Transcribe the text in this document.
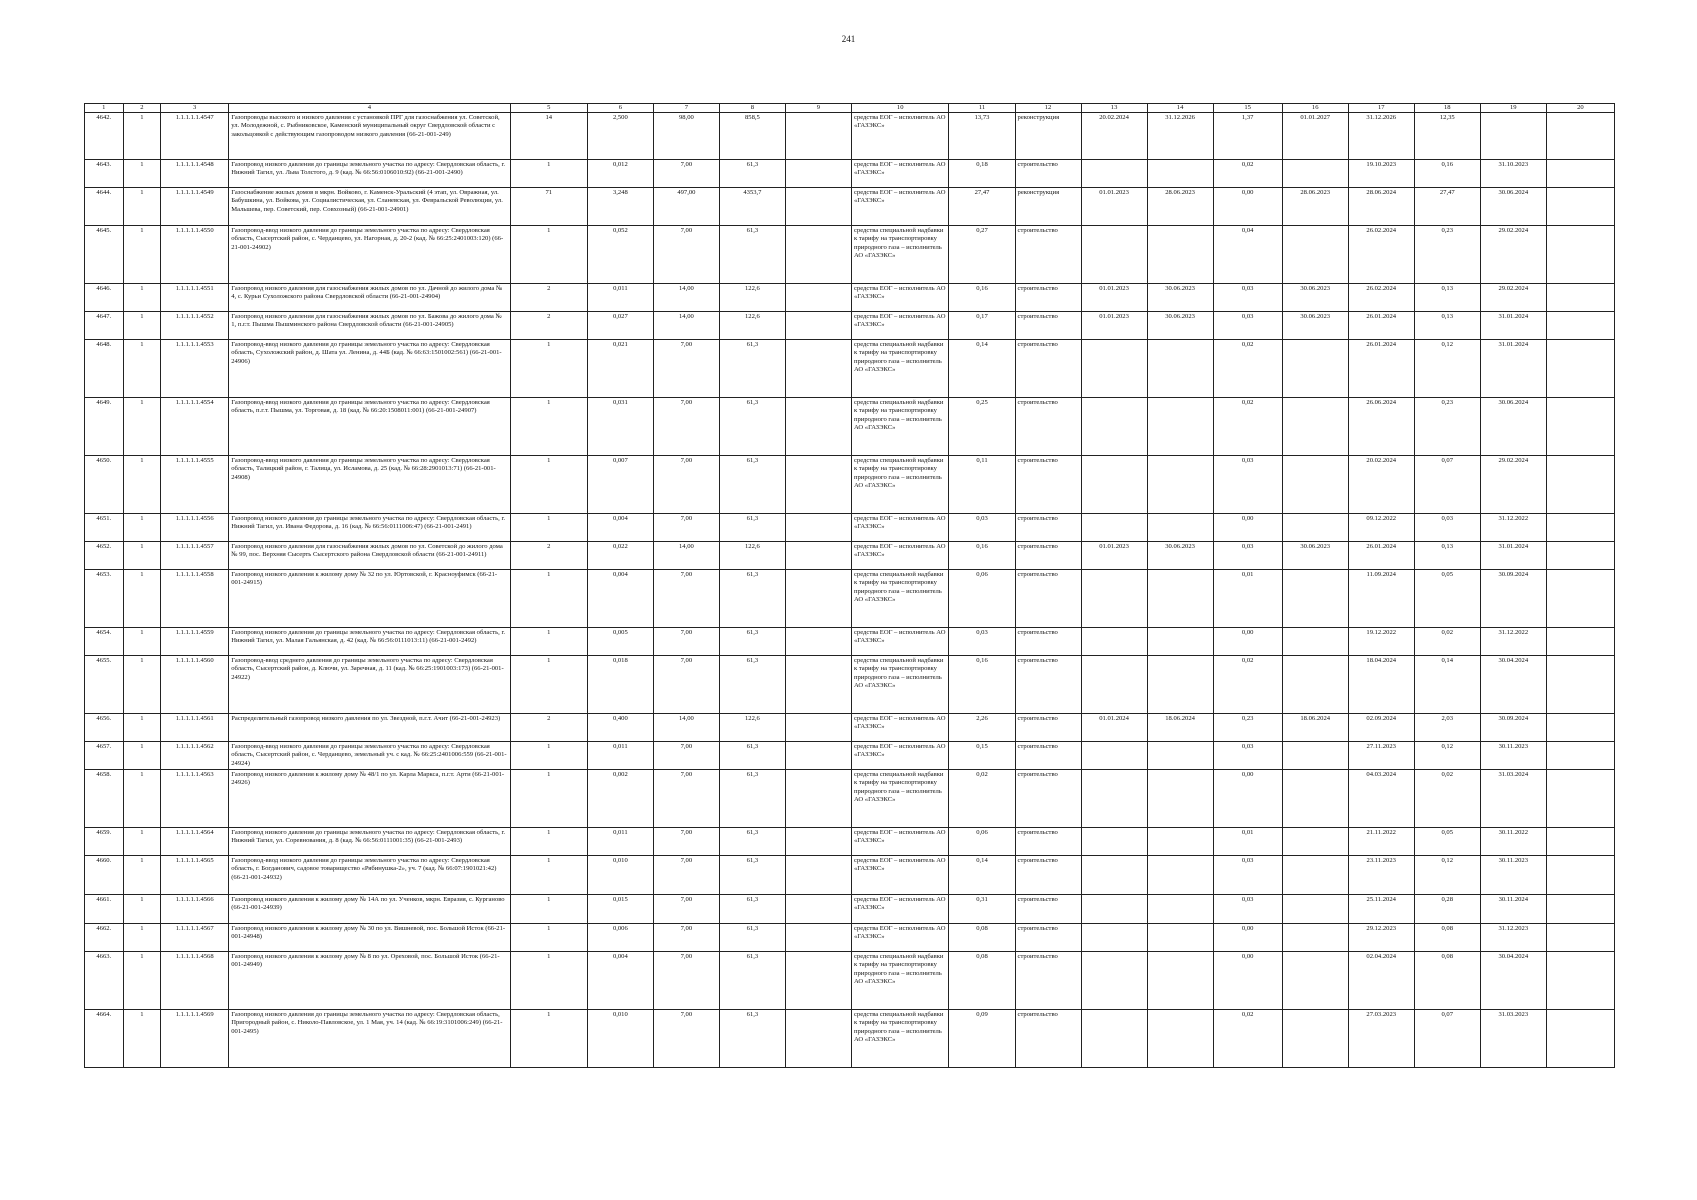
241
1	2	3	4	5	6	7	8	9	10	11	12	13	14	15	16	17	18	19	20
4642.	1	1.1.1.1.1.4547	Газопроводы высокого и низкого давления с установкой ПРГ для газоснабжения ул. Советской, ул. Молодежной, с. Рыбниковское, Каменский муниципальный округ Свердловской области с закольцовкой с действующим газопроводом низкого давления (66-21-001-249)	14	2,500	98,00	858,5		средства ЕОГ – исполнитель АО «ГАЗЭКС»	13,73	реконструкция	20.02.2024	31.12.2026	1,37	01.01.2027	31.12.2026	12,35		
4643.	1	1.1.1.1.1.4548	Газопровод низкого давления до границы земельного участка по адресу: Свердловская область, г. Нижний Тагил, ул. Льва Толстого, д. 9 (кад. № 66:56:0106010:92) (66-21-001-2490)	1	0,012	7,00	61,3		средства ЕОГ – исполнитель АО «ГАЗЭКС»	0,18	строительство			0,02		19.10.2023	0,16	31.10.2023	
4644.	1	1.1.1.1.1.4549	Газоснабжение жилых домов в мкрн. Войково, г. Каменск-Уральский (4 этап, ул. Овражная, ул. Бабушкина, ул. Войкова, ул. Социалистическая, ул. Сланевская, ул. Февральской Революции, ул. Мальшева, пер. Советский, пер. Совхозный) (66-21-001-24901)	71	3,248	497,00	4353,7		средства ЕОГ – исполнитель АО «ГАЗЭКС»	27,47	реконструкция	01.01.2023	28.06.2023	0,00	28.06.2023	28.06.2024	27,47	30.06.2024	
4645.	1	1.1.1.1.1.4550	Газопровод-ввод низкого давления до границы земельного участка по адресу: Свердловская область, Сысертский район, с. Черданцево, ул. Нагорная, д. 20-2 (кад. № 66:25:2401003:120) (66-21-001-24902)	1	0,052	7,00	61,3		средства специальной надбавки к тарифу на транспортировку природного газа – исполнитель АО «ГАЗЭКС»	0,27	строительство			0,04		26.02.2024	0,23	29.02.2024	
4646.	1	1.1.1.1.1.4551	Газопровод низкого давления для газоснабжения жилых домов по ул. Дачной до жилого дома № 4, с. Курьи Сухоложского района Свердловской области (66-21-001-24904)	2	0,011	14,00	122,6		средства ЕОГ – исполнитель АО «ГАЗЭКС»	0,16	строительство	01.01.2023	30.06.2023	0,03	30.06.2023	26.02.2024	0,13	29.02.2024	
4647.	1	1.1.1.1.1.4552	Газопровод низкого давления для газоснабжения жилых домов по ул. Бажова до жилого дома № 1, п.г.т. Пышма Пышминского района Свердловской области (66-21-001-24905)	2	0,027	14,00	122,6		средства ЕОГ – исполнитель АО «ГАЗЭКС»	0,17	строительство	01.01.2023	30.06.2023	0,03	30.06.2023	26.01.2024	0,13	31.01.2024	
4648.	1	1.1.1.1.1.4553	Газопровод-ввод низкого давления до границы земельного участка по адресу: Свердловская область, Сухоложский район, д. Шата ул. Ленина, д. 44Б (кад. № 66:63:1501002:561) (66-21-001-24906)	1	0,021	7,00	61,3		средства специальной надбавки к тарифу на транспортировку природного газа – исполнитель АО «ГАЗЭКС»	0,14	строительство			0,02		26.01.2024	0,12	31.01.2024	
4649.	1	1.1.1.1.1.4554	Газопровод-ввод низкого давления до границы земельного участка по адресу: Свердловская область, п.г.т. Пышма, ул. Торговая, д. 18 (кад. № 66:20:1508011:001) (66-21-001-24907)	1	0,031	7,00	61,3		средства специальной надбавки к тарифу на транспортировку природного газа – исполнитель АО «ГАЗЭКС»	0,25	строительство			0,02		26.06.2024	0,23	30.06.2024	
4650.	1	1.1.1.1.1.4555	Газопровод-ввод низкого давления до границы земельного участка по адресу: Свердловская область, Талицкий район, г. Талица, ул. Исламова, д. 25 (кад. № 66:28:2901013:71) (66-21-001-24908)	1	0,007	7,00	61,3		средства специальной надбавки к тарифу на транспортировку природного газа – исполнитель АО «ГАЗЭКС»	0,11	строительство			0,03		20.02.2024	0,07	29.02.2024	
4651.	1	1.1.1.1.1.4556	Газопровод низкого давления до границы земельного участка по адресу: Свердловская область, г. Нижний Тагил, ул. Ивана Федорова, д. 16 (кад. № 66:56:0111006:47) (66-21-001-2491)	1	0,004	7,00	61,3		средства ЕОГ – исполнитель АО «ГАЗЭКС»	0,03	строительство			0,00		09.12.2022	0,03	31.12.2022	
4652.	1	1.1.1.1.1.4557	Газопровод низкого давления для газоснабжения жилых домов по ул. Советской до жилого дома № 99, пос. Верхняя Сысерть Сысертского района Свердловской области (66-21-001-24911)	2	0,022	14,00	122,6		средства ЕОГ – исполнитель АО «ГАЗЭКС»	0,16	строительство	01.01.2023	30.06.2023	0,03	30.06.2023	26.01.2024	0,13	31.01.2024	
4653.	1	1.1.1.1.1.4558	Газопровод низкого давления к жилому дому № 32 по ул. Юртовской, г. Красноуфимск (66-21-001-24915)	1	0,004	7,00	61,3		средства специальной надбавки к тарифу на транспортировку природного газа – исполнитель АО «ГАЗЭКС»	0,06	строительство			0,01		11.09.2024	0,05	30.09.2024	
4654.	1	1.1.1.1.1.4559	Газопровод низкого давления до границы земельного участка по адресу: Свердловская область, г. Нижний Тагил, ул. Малая Гальянская, д. 42 (кад. № 66:56:0111013:11) (66-21-001-2492)	1	0,005	7,00	61,3		средства ЕОГ – исполнитель АО «ГАЗЭКС»	0,03	строительство			0,00		19.12.2022	0,02	31.12.2022	
4655.	1	1.1.1.1.1.4560	Газопровод-ввод среднего давления до границы земельного участка по адресу: Свердловская область, Сысертский район, д. Ключи, ул. Заречная, д. 11 (кад. № 66:25:1901003:173) (66-21-001-24922)	1	0,018	7,00	61,3		средства специальной надбавки к тарифу на транспортировку природного газа – исполнитель АО «ГАЗЭКС»	0,16	строительство			0,02		18.04.2024	0,14	30.04.2024	
4656.	1	1.1.1.1.1.4561	Распределительный газопровод низкого давления по ул. Звездной, п.г.т. Ачит (66-21-001-24923)	2	0,400	14,00	122,6		средства ЕОГ – исполнитель АО «ГАЗЭКС»	2,26	строительство	01.01.2024	18.06.2024	0,23	18.06.2024	02.09.2024	2,03	30.09.2024	
4657.	1	1.1.1.1.1.4562	Газопровод-ввод низкого давления до границы земельного участка по адресу: Свердловская область, Сысертский район, с. Черданцево, земельный уч. с кад. № 66:25:2401006:559 (66-21-001-24924)	1	0,011	7,00	61,3		средства ЕОГ – исполнитель АО «ГАЗЭКС»	0,15	строительство			0,03		27.11.2023	0,12	30.11.2023	
4658.	1	1.1.1.1.1.4563	Газопровод низкого давления к жилому дому № 48/1 по ул. Карла Маркса, п.г.т. Арти (66-21-001-24926)	1	0,002	7,00	61,3		средства специальной надбавки к тарифу на транспортировку природного газа – исполнитель АО «ГАЗЭКС»	0,02	строительство			0,00		04.03.2024	0,02	31.03.2024	
4659.	1	1.1.1.1.1.4564	Газопровод низкого давления до границы земельного участка по адресу: Свердловская область, г. Нижний Тагил, ул. Соревнования, д. 8 (кад. № 66:56:0111001:35) (66-21-001-2493)	1	0,011	7,00	61,3		средства ЕОГ – исполнитель АО «ГАЗЭКС»	0,06	строительство			0,01		21.11.2022	0,05	30.11.2022	
4660.	1	1.1.1.1.1.4565	Газопровод-ввод низкого давления до границы земельного участка по адресу: Свердловская область, г. Богданович, садовое товарищество «Рябинушка-2», уч. 7 (кад. № 66:07:1901021:42) (66-21-001-24932)	1	0,010	7,00	61,3		средства ЕОГ – исполнитель АО «ГАЗЭКС»	0,14	строительство			0,03		23.11.2023	0,12	30.11.2023	
4661.	1	1.1.1.1.1.4566	Газопровод низкого давления к жилому дому № 14А по ул. Ученков, мкрн. Евразия, с. Курганово (66-21-001-24939)	1	0,015	7,00	61,3		средства ЕОГ – исполнитель АО «ГАЗЭКС»	0,31	строительство			0,03		25.11.2024	0,28	30.11.2024	
4662.	1	1.1.1.1.1.4567	Газопровод низкого давления к жилому дому № 30 по ул. Вишневой, пос. Большой Исток (66-21-001-24948)	1	0,006	7,00	61,3		средства ЕОГ – исполнитель АО «ГАЗЭКС»	0,08	строительство			0,00		29.12.2023	0,08	31.12.2023	
4663.	1	1.1.1.1.1.4568	Газопровод низкого давления к жилому дому № 8 по ул. Ореховой, пос. Большой Исток (66-21-001-24949)	1	0,004	7,00	61,3		средства специальной надбавки к тарифу на транспортировку природного газа – исполнитель АО «ГАЗЭКС»	0,08	строительство			0,00		02.04.2024	0,08	30.04.2024	
4664.	1	1.1.1.1.1.4569	Газопровод низкого давления до границы земельного участка по адресу: Свердловская область, Пригородный район, с. Николо-Павловское, ул. 1 Мая, уч. 14 (кад. № 66:19:3101006:249) (66-21-001-2495)	1	0,010	7,00	61,3		средства специальной надбавки к тарифу на транспортировку природного газа – исполнитель АО «ГАЗЭКС»	0,09	строительство			0,02		27.03.2023	0,07	31.03.2023	
